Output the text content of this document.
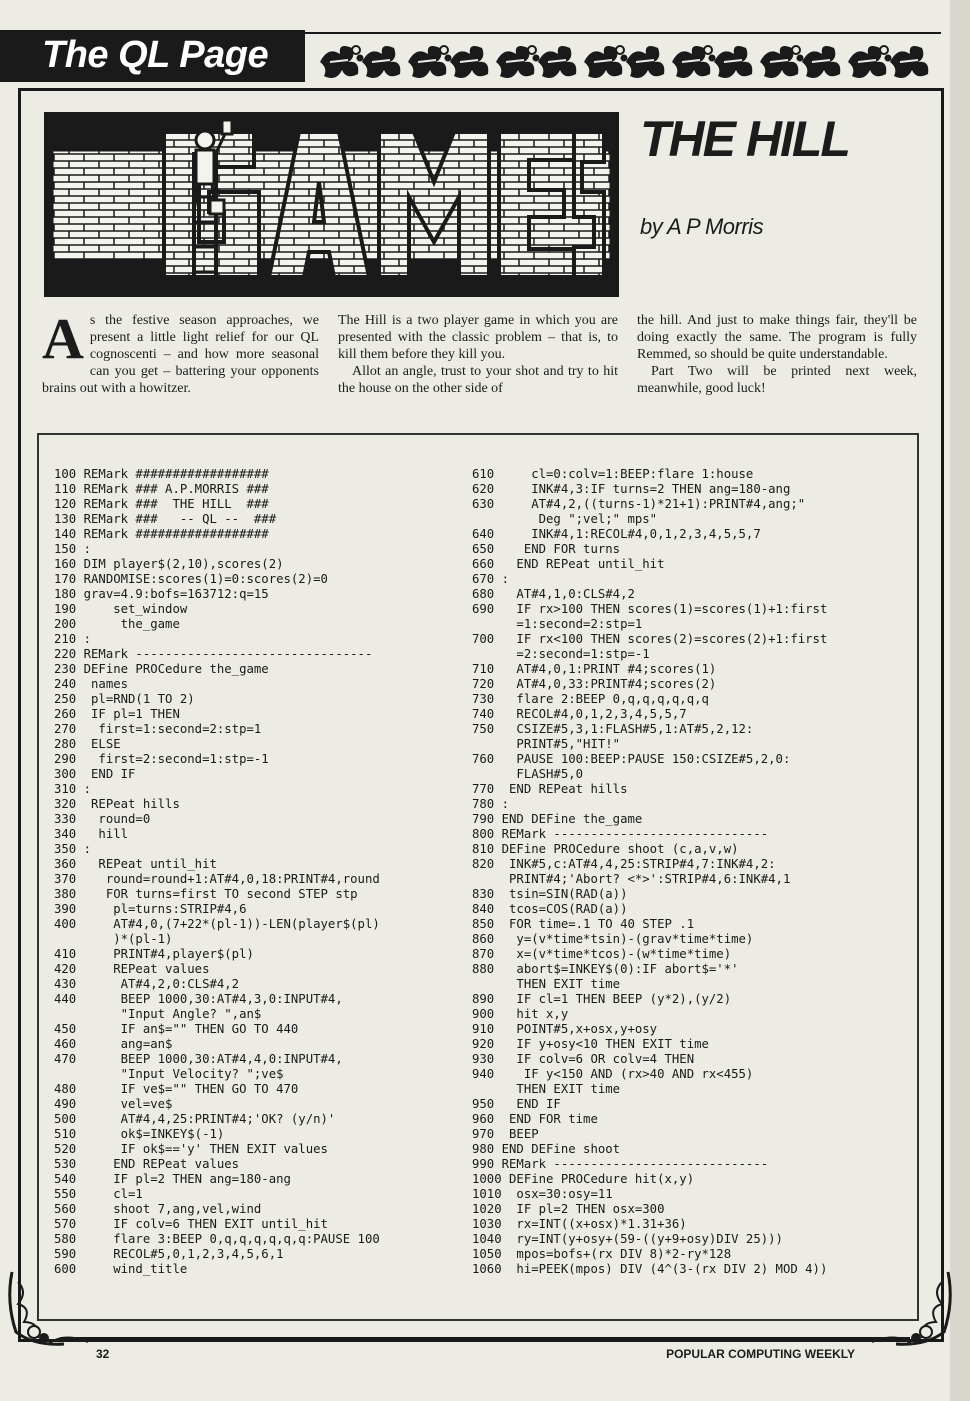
The QL Page
THE HILL
by A P Morris
A s the festive season approaches, we present a little light relief for our QL cognoscenti – and how more seasonal can you get – battering your opponents brains out with a howitzer.

The Hill is a two player game in which you are presented with the classic problem – that is, to kill them before they kill you.

Allot an angle, trust to your shot and try to hit the house on the other side of

the hill. And just to make things fair, they'll be doing exactly the same. The program is fully Remmed, so should be quite understandable.

Part Two will be printed next week, meanwhile, good luck!

100 REMark ##################
110 REMark ### A.P.MORRIS ###
120 REMark ###  THE HILL  ###
130 REMark ###   -- QL --  ###
140 REMark ##################
150 :
160 DIM player$(2,10),scores(2)
170 RANDOMISE:scores(1)=0:scores(2)=0
180 grav=4.9:bofs=163712:q=15
190     set_window
200      the_game
210 :
220 REMark --------------------------------
230 DEFine PROCedure the_game
240  names
250  pl=RND(1 TO 2)
260  IF pl=1 THEN
270   first=1:second=2:stp=1
280  ELSE
290   first=2:second=1:stp=-1
300  END IF
310 :
320  REPeat hills
330   round=0
340   hill
350 :
360   REPeat until_hit
370    round=round+1:AT#4,0,18:PRINT#4,round
380    FOR turns=first TO second STEP stp
390     pl=turns:STRIP#4,6
400     AT#4,0,(7+22*(pl-1))-LEN(player$(pl)
)*(pl-1)
410     PRINT#4,player$(pl)
420     REPeat values
430      AT#4,2,0:CLS#4,2
440      BEEP 1000,30:AT#4,3,0:INPUT#4,
"Input Angle? ",an$
450      IF an$="" THEN GO TO 440
460      ang=an$
470      BEEP 1000,30:AT#4,4,0:INPUT#4,
"Input Velocity? ";ve$
480      IF ve$="" THEN GO TO 470
490      vel=ve$
500      AT#4,4,25:PRINT#4;'OK? (y/n)'
510      ok$=INKEY$(-1)
520      IF ok$=='y' THEN EXIT values
530     END REPeat values
540     IF pl=2 THEN ang=180-ang
550     cl=1
560     shoot 7,ang,vel,wind
570     IF colv=6 THEN EXIT until_hit
580     flare 3:BEEP 0,q,q,q,q,q,q:PAUSE 100
590     RECOL#5,0,1,2,3,4,5,6,1
600     wind_title
610     cl=0:colv=1:BEEP:flare 1:house
620     INK#4,3:IF turns=2 THEN ang=180-ang
630     AT#4,2,((turns-1)*21+1):PRINT#4,ang;"
Deg ";vel;" mps"
640     INK#4,1:RECOL#4,0,1,2,3,4,5,5,7
650    END FOR turns
660   END REPeat until_hit
670 :
680   AT#4,1,0:CLS#4,2
690   IF rx>100 THEN scores(1)=scores(1)+1:first
=1:second=2:stp=1
700   IF rx<100 THEN scores(2)=scores(2)+1:first
=2:second=1:stp=-1
710   AT#4,0,1:PRINT #4;scores(1)
720   AT#4,0,33:PRINT#4;scores(2)
730   flare 2:BEEP 0,q,q,q,q,q,q
740   RECOL#4,0,1,2,3,4,5,5,7
750   CSIZE#5,3,1:FLASH#5,1:AT#5,2,12:
PRINT#5,"HIT!"
760   PAUSE 100:BEEP:PAUSE 150:CSIZE#5,2,0:
FLASH#5,0
770  END REPeat hills
780 :
790 END DEFine the_game
800 REMark -----------------------------
810 DEFine PROCedure shoot (c,a,v,w)
820  INK#5,c:AT#4,4,25:STRIP#4,7:INK#4,2:
PRINT#4;'Abort? <*>':STRIP#4,6:INK#4,1
830  tsin=SIN(RAD(a))
840  tcos=COS(RAD(a))
850  FOR time=.1 TO 40 STEP .1
860   y=(v*time*tsin)-(grav*time*time)
870   x=(v*time*tcos)-(w*time*time)
880   abort$=INKEY$(0):IF abort$='*'
THEN EXIT time
890   IF cl=1 THEN BEEP (y*2),(y/2)
900   hit x,y
910   POINT#5,x+osx,y+osy
920   IF y+osy<10 THEN EXIT time
930   IF colv=6 OR colv=4 THEN
940    IF y<150 AND (rx>40 AND rx<455)
THEN EXIT time
950   END IF
960  END FOR time
970  BEEP
980 END DEFine shoot
990 REMark -----------------------------
1000 DEFine PROCedure hit(x,y)
1010  osx=30:osy=11
1020  IF pl=2 THEN osx=300
1030  rx=INT((x+osx)*1.31+36)
1040  ry=INT(y+osy+(59-((y+9+osy)DIV 25)))
1050  mpos=bofs+(rx DIV 8)*2-ry*128
1060  hi=PEEK(mpos) DIV (4^(3-(rx DIV 2) MOD 4))
32	POPULAR COMPUTING WEEKLY
